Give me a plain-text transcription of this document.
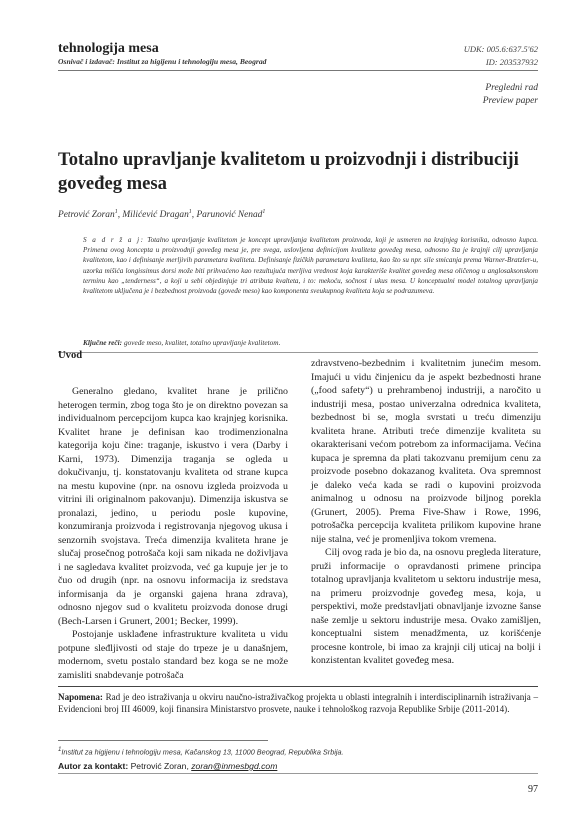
tehnologija mesa
Osnivač i izdavač: Institut za higijenu i tehnologiju mesa, Beograd
UDK: 005.6:637.5'62
ID: 203537932
Pregledni rad
Preview paper
Totalno upravljanje kvalitetom u proizvodnji i distribuciji goveđeg mesa
Petrović Zoran$^1$, Milićević Dragan$^1$, Parunović Nenad$^1$
S a d r ž a j: Totalno upravljanje kvalitetom je koncept upravljanja kvalitetom proizvoda, koji je usmeren na krajnjeg korisnika, odnosno kupca. Primena ovog koncepta u proizvodnji goveđeg mesa je, pre svega, uslovljena definicijom kvaliteta goveđeg mesa, odnosno šta je krajnji cilj upravljanja kvalitetom, kao i definisanje merljivih parametara kvaliteta. Definisanje fizičkih parametara kvaliteta, kao što su npr. sile smicanja prema Warner-Bratzler-u, uzorka mišića longissimus dorsi može biti prihvaćeno kao rezultujuća merljiva vrednost koja karakteriše kvalitet goveđeg mesa oličenog u anglosaksonskom terminu kao „tenderness“, a koji u sebi objedinjuje tri atributa kvalteta, i to: mekoću, sočnost i ukus mesa. U konceptualni model totalnog upravljanja kvalitetom uključena je i bezbednost proizvoda (goveđe meso) kao komponenta sveukupnog kvaliteta koja se podrazumeva.
Ključne reči: goveđe meso, kvalitet, totalno upravljanje kvalitetom.
Uvod

Generalno gledano, kvalitet hrane je prilično heterogen termin, zbog toga što je on direktno povezan sa individualnom percepcijom kupca kao krajnjeg korisnika. Kvalitet hrane je definisan kao trodimenzionalna kategorija koju čine: traganje, iskustvo i vera (Darby i Karni, 1973). Dimenzija traganja se ogleda u dokučivanju, tj. konstatovanju kvaliteta od strane kupca na mestu kupovine (npr. na osnovu izgleda proizvoda u vitrini ili originalnom pakovanju). Dimenzija iskustva se pronalazi, jedino, u periodu posle kupovine, konzumiranja proizvoda i registrovanja njegovog ukusa i senzornih svojstava. Treća dimenzija kvaliteta hrane je slučaj prosečnog potrošača koji sam nikada ne doživljava i ne sagledava kvalitet proizvoda, već ga kupuje jer je to čuo od drugih (npr. na osnovu informacija iz sredstava informisanja da je organski gajena hrana zdrava), odnosno njegov sud o kvalitetu proizvoda donose drugi (Bech-Larsen i Grunert, 2001; Becker, 1999).

Postojanje usklađene infrastrukture kvaliteta u vidu potpune sleđljivosti od staje do trpeze je u današnjem, modernom, svetu postalo standard bez koga se ne može zamisliti snabdevanje potrošača

zdravstveno-bezbednim i kvalitetnim junećim mesom. Imajući u vidu činjenicu da je aspekt bezbednosti hrane („food safety“) u prehrambenoj industriji, a naročito u industriji mesa, postao univerzalna odrednica kvaliteta, bezbednost bi se, mogla svrstati u treću dimenziju kvaliteta hrane. Atributi treće dimenzije kvaliteta su okarakterisani većom potrebom za informacijama. Većina kupaca je spremna da plati takozvanu premijum cenu za proizvode posebno dokazanog kvaliteta. Ova spremnost je daleko veća kada se radi o kupovini proizvoda animalnog u odnosu na proizvode biljnog porekla (Grunert, 2005). Prema Five-Shaw i Rowe, 1996, potrošačka percepcija kvaliteta prilikom kupovine hrane nije stalna, već je promenljiva tokom vremena.

Cilj ovog rada je bio da, na osnovu pregleda literature, pruži informacije o opravdanosti primene principa totalnog upravljanja kvalitetom u sektoru industrije mesa, na primeru proizvodnje goveđeg mesa, koja, u perspektivi, može predstavljati obnavljanje izvozne šanse naše zemlje u sektoru industrije mesa. Ovako zamišljen, konceptualni sistem menadžmenta, uz korišćenje procesne kontrole, bi imao za krajnji cilj uticaj na bolji i konzistentan kvalitet goveđeg mesa.

Napomena: Rad je deo istraživanja u okviru naučno-istraživačkog projekta u oblasti integralnih i interdisciplinarnih istraživanja – Evidencioni broj III 46009, koji finansira Ministarstvo prosvete, nauke i tehnološkog razvoja Republike Srbije (2011-2014).
$^1$Institut za higijenu i tehnologiju mesa, Kačanskog 13, 11000 Beograd, Republika Srbija.
Autor za kontakt: Petrović Zoran, zoran@inmesbgd.com
97
